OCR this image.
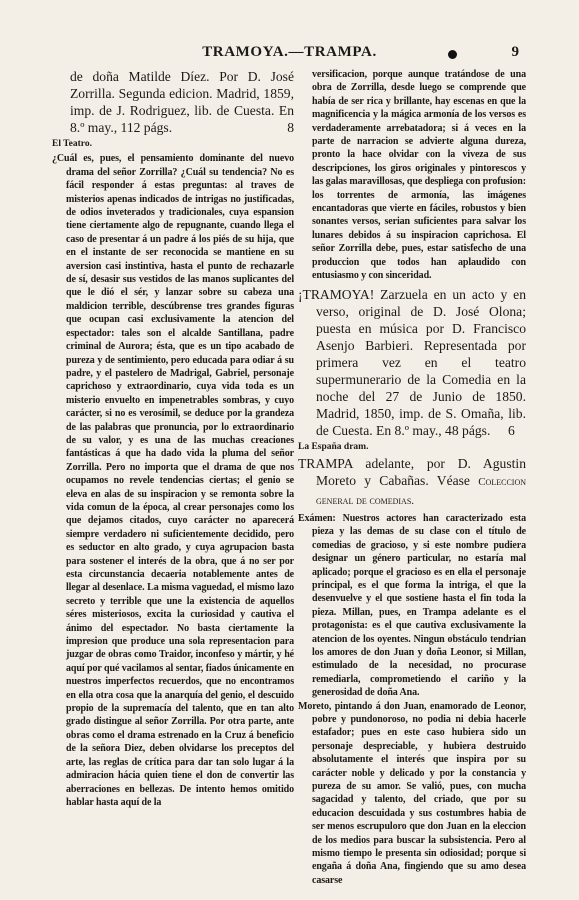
TRAMOYA.—TRAMPA.	9

de doña Matilde Díez. Por D. José Zorrilla. Segunda edicion. Madrid, 1859, imp. de J. Rodriguez, lib. de Cuesta. En 8.º may., 112 págs.	8

El Teatro.

¿Cuál es, pues, el pensamiento dominante del nuevo drama del señor Zorrilla? ¿Cuál su tendencia? No es fácil responder á estas preguntas: al traves de misterios apenas indicados de intrigas no justificadas, de odios inveterados y tradicionales, cuya espansion tiene ciertamente algo de repugnante, cuando llega el caso de presentar á un padre á los piés de su hija, que en el instante de ser reconocida se mantiene en su aversion casi instintiva, hasta el punto de rechazarle de sí, desasir sus vestidos de las manos suplicantes del que le dió el sér, y lanzar sobre su cabeza una maldicion terrible, descúbrense tres grandes figuras que ocupan casi exclusivamente la atencion del espectador: tales son el alcalde Santillana, padre criminal de Aurora; ésta, que es un tipo acabado de pureza y de sentimiento, pero educada para odiar á su padre, y el pastelero de Madrigal, Gabriel, personaje caprichoso y extraordinario, cuya vida toda es un misterio envuelto en impenetrables sombras, y cuyo carácter, si no es verosímil, se deduce por la grandeza de las palabras que pronuncia, por lo extraordinario de su valor, y es una de las muchas creaciones fantásticas á que ha dado vida la pluma del señor Zorrilla. Pero no importa que el drama de que nos ocupamos no revele tendencias ciertas; el genio se eleva en alas de su inspiracion y se remonta sobre la vida comun de la época, al crear personajes como los que dejamos citados, cuyo carácter no aparecerá siempre verdadero ni suficientemente decidido, pero es seductor en alto grado, y cuya agrupacion basta para sostener el interés de la obra, que á no ser por esta circunstancia decaeria notablemente antes de llegar al desenlace. La misma vaguedad, el mismo lazo secreto y terrible que une la existencia de aquellos séres misteriosos, excita la curiosidad y cautiva el ánimo del espectador. No basta ciertamente la impresion que produce una sola representacion para juzgar de obras como Traidor, inconfeso y mártir, y hé aquí por qué vacilamos al sentar, fiados únicamente en nuestros imperfectos recuerdos, que no encontramos en ella otra cosa que la anarquía del genio, el descuido propio de la supremacía del talento, que en tan alto grado distingue al señor Zorrilla. Por otra parte, ante obras como el drama estrenado en la Cruz á beneficio de la señora Diez, deben olvidarse los preceptos del arte, las reglas de crítica para dar tan solo lugar á la admiracion hácia quien tiene el don de convertir las aberraciones en bellezas. De intento hemos omitido hablar hasta aquí de la

versificacion, porque aunque tratándose de una obra de Zorrilla, desde luego se comprende que había de ser rica y brillante, hay escenas en que la magnificencia y la mágica armonía de los versos es verdaderamente arrebatadora; si á veces en la parte de narracion se advierte alguna dureza, pronto la hace olvidar con la viveza de sus descripciones, los giros originales y pintorescos y las galas maravillosas, que despliega con profusion: los torrentes de armonía, las imágenes encantadoras que vierte en fáciles, robustos y bien sonantes versos, serian suficientes para salvar los lunares debidos á su inspiracion caprichosa. El señor Zorrilla debe, pues, estar satisfecho de una produccion que todos han aplaudido con entusiasmo y con sinceridad.

¡TRAMOYA! Zarzuela en un acto y en verso, original de D. José Olona; puesta en música por D. Francisco Asenjo Barbieri. Representada por primera vez en el teatro supermunerario de la Comedia en la noche del 27 de Junio de 1850. Madrid, 1850, imp. de S. Omaña, lib. de Cuesta. En 8.º may., 48 págs. 6

La España dram.

TRAMPA adelante, por D. Agustin Moreto y Cabañas. Véase Coleccion general de comedias.

Exámen: Nuestros actores han caracterizado esta pieza y las demas de su clase con el título de comedias de gracioso, y si este nombre pudiera designar un género particular, no estaría mal aplicado; porque el gracioso es en ella el personaje principal, es el que forma la intriga, el que la desenvuelve y el que sostiene hasta el fin toda la pieza. Millan, pues, en Trampa adelante es el protagonista: es el que cautiva exclusivamente la atencion de los oyentes. Ningun obstáculo tendrian los amores de don Juan y doña Leonor, si Millan, estimulado de la necesidad, no procurase remediarla, comprometiendo el cariño y la generosidad de doña Ana.

Moreto, pintando á don Juan, enamorado de Leonor, pobre y pundonoroso, no podia ni debia hacerle estafador; pues en este caso hubiera sido un personaje despreciable, y hubiera destruido absolutamente el interés que inspira por su carácter noble y delicado y por la constancia y pureza de su amor. Se valió, pues, con mucha sagacidad y talento, del criado, que por su educacion descuidada y sus costumbres habia de ser menos escrupuloro que don Juan en la eleccion de los medios para buscar la subsistencia. Pero al mismo tiempo le presenta sin odiosidad; porque si engaña á doña Ana, fingiendo que su amo desea casarse
